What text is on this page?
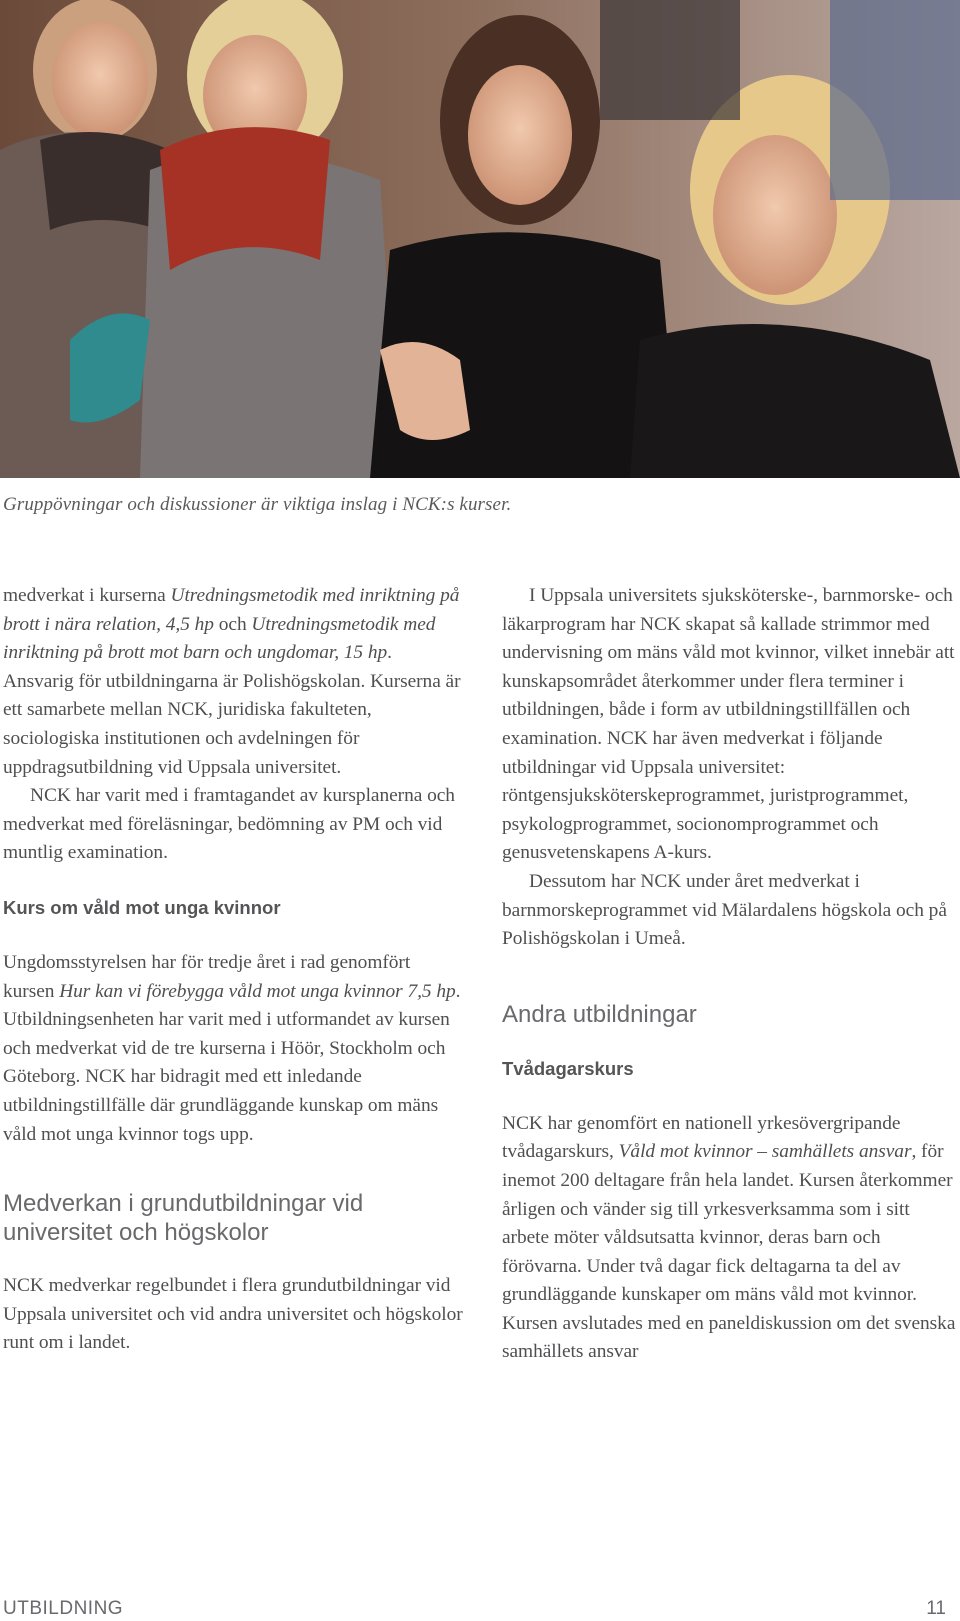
Gruppövningar och diskussioner är viktiga inslag i NCK:s kurser.

medverkat i kurserna Utredningsmetodik med inriktning på brott i nära relation, 4,5 hp och Utredningsmetodik med inriktning på brott mot barn och ungdomar, 15 hp. Ansvarig för utbildningarna är Polishögskolan. Kurserna är ett samarbete mellan NCK, juridiska fakulteten, sociologiska institutionen och avdelningen för uppdragsutbildning vid Uppsala universitet.

NCK har varit med i framtagandet av kursplanerna och medverkat med föreläsningar, bedömning av PM och vid muntlig examination.

Kurs om våld mot unga kvinnor

Ungdomsstyrelsen har för tredje året i rad genomfört kursen Hur kan vi förebygga våld mot unga kvinnor 7,5 hp. Utbildningsenheten har varit med i utformandet av kursen och medverkat vid de tre kurserna i Höör, Stockholm och Göteborg. NCK har bidragit med ett inledande utbildningstillfälle där grundläggande kunskap om mäns våld mot unga kvinnor togs upp.

Medverkan i grundutbildningar vid universitet och högskolor

NCK medverkar regelbundet i flera grundutbildningar vid Uppsala universitet och vid andra universitet och högskolor runt om i landet.

I Uppsala universitets sjuksköterske-, barnmorske- och läkarprogram har NCK skapat så kallade strimmor med undervisning om mäns våld mot kvinnor, vilket innebär att kunskapsområdet återkommer under flera terminer i utbildningen, både i form av utbildningstillfällen och examination. NCK har även medverkat i följande utbildningar vid Uppsala universitet: röntgensjuksköterskeprogrammet, juristprogrammet, psykologprogrammet, socionomprogrammet och genusvetenskapens A-kurs.

Dessutom har NCK under året medverkat i barnmorskeprogrammet vid Mälardalens högskola och på Polishögskolan i Umeå.

Andra utbildningar
Tvådagarskurs

NCK har genomfört en nationell yrkesövergripande tvådagarskurs, Våld mot kvinnor – samhällets ansvar, för inemot 200 deltagare från hela landet. Kursen återkommer årligen och vänder sig till yrkesverksamma som i sitt arbete möter våldsutsatta kvinnor, deras barn och förövarna. Under två dagar fick deltagarna ta del av grundläggande kunskaper om mäns våld mot kvinnor. Kursen avslutades med en paneldiskussion om det svenska samhällets ansvar

UTBILDNING	11
